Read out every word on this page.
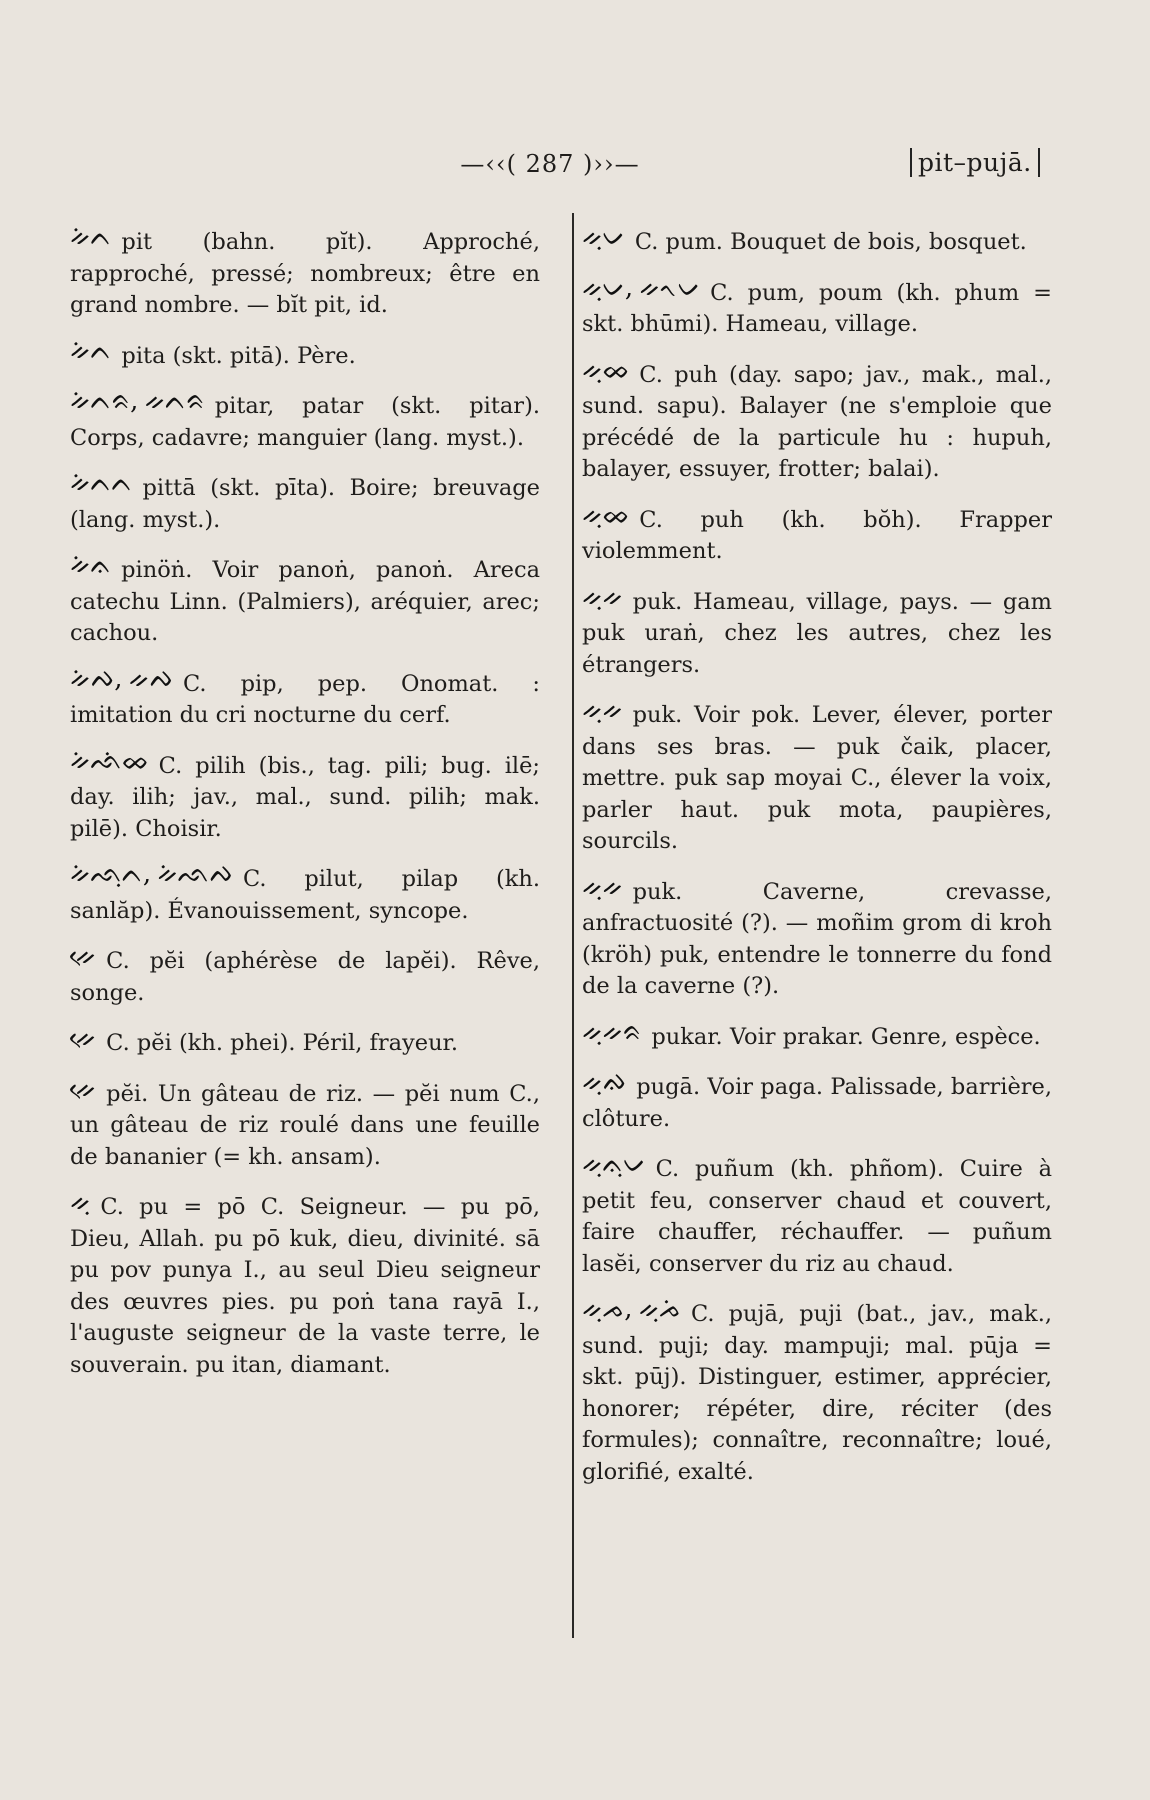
—‹‹( 287 )››—	pit–pujā.
ᨀᨗᨈ pit (bahn. pĭt). Approché, rapproché, pressé; nombreux; être en grand nombre. — bĭt pit, id.
ᨀᨗᨈ pita (skt. pitā). Père.
ᨀᨗᨈᨑ, ᨀᨈᨑ pitar, patar (skt. pitar). Corps, cadavre; manguier (lang. myst.).
ᨀᨗᨈᨈ pittā (skt. pīta). Boire; breuvage (lang. myst.).
ᨀᨗᨊ pinöṅ. Voir panoṅ, panoṅ. Areca catechu Linn. (Palmiers), aréquier, arec; cachou.
ᨀᨗᨄ, ᨀᨄ C. pip, pep. Onomat. : imitation du cri nocturne du cerf.
ᨀᨗᨒᨗᨖ C. pilih (bis., tag. pili; bug. ilē; day. ilih; jav., mal., sund. pilih; mak. pilē). Choisir.
ᨀᨗᨒᨘᨈ, ᨀᨗᨒᨄ C. pilut, pilap (kh. sanlăp). Évanouissement, syncope.
ᨀᨙ C. pĕi (aphérèse de lapĕi). Rêve, songe.
ᨀᨙ C. pĕi (kh. phei). Péril, frayeur.
ᨀᨙ pĕi. Un gâteau de riz. — pĕi num C., un gâteau de riz roulé dans une feuille de bananier (= kh. ansam).
ᨀᨘ C. pu = pō C. Seigneur. — pu pō, Dieu, Allah. pu pō kuk, dieu, divinité. sā pu pov punya I., au seul Dieu seigneur des œuvres pies. pu poṅ tana rayā I., l'auguste seigneur de la vaste terre, le souverain. pu itan, diamant.
ᨀᨘᨆ C. pum. Bouquet de bois, bosquet.
ᨀᨘᨆ, ᨀᨚᨆ C. pum, poum (kh. phum = skt. bhūmi). Hameau, village.
ᨀᨘᨖ C. puh (day. sapo; jav., mak., mal., sund. sapu). Balayer (ne s'emploie que précédé de la particule hu : hupuh, balayer, essuyer, frotter; balai).
ᨀᨘᨖ C. puh (kh. bŏh). Frapper violemment.
ᨀᨘᨀ puk. Hameau, village, pays. — gam puk uraṅ, chez les autres, chez les étrangers.
ᨀᨘᨀ puk. Voir pok. Lever, élever, porter dans ses bras. — puk čaik, placer, mettre. puk sap moyai C., élever la voix, parler haut. puk mota, paupières, sourcils.
ᨀᨘᨀ puk. Caverne, crevasse, anfractuosité (?). — moñim grom di kroh (kröh) puk, entendre le tonnerre du fond de la caverne (?).
ᨀᨘᨀᨑ pukar. Voir prakar. Genre, espèce.
ᨀᨘᨁ pugā. Voir paga. Palissade, barrière, clôture.
ᨀᨘᨊᨘᨆ C. puñum (kh. phñom). Cuire à petit feu, conserver chaud et couvert, faire chauffer, réchauffer. — puñum lasĕi, conserver du riz au chaud.
ᨀᨘᨍ, ᨀᨘᨍᨗ C. pujā, puji (bat., jav., mak., sund. puji; day. mampuji; mal. pūja = skt. pūj). Distinguer, estimer, apprécier, honorer; répéter, dire, réciter (des formules); connaître, reconnaître; loué, glorifié, exalté.
